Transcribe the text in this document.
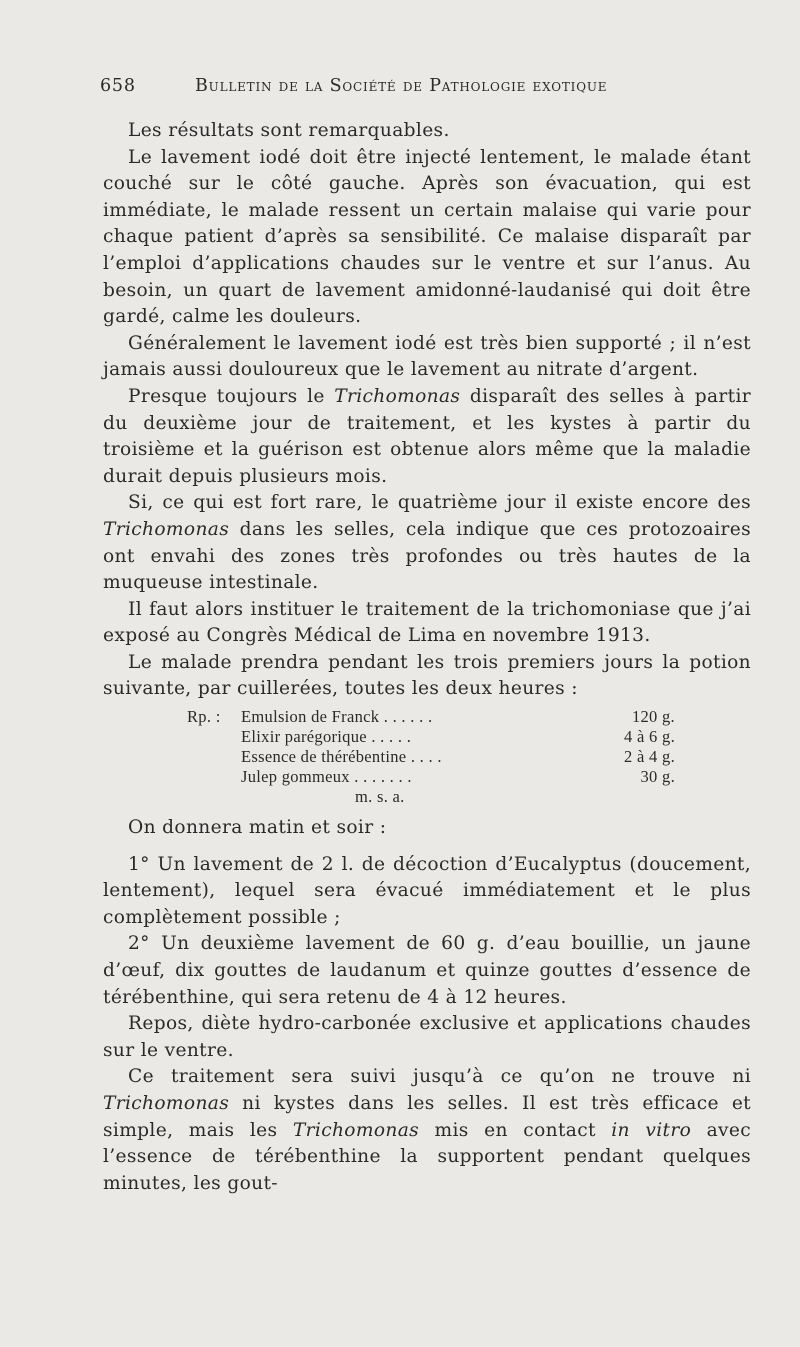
658	Bulletin de la Société de Pathologie exotique

Les résultats sont remarquables.

Le lavement iodé doit être injecté lentement, le malade étant couché sur le côté gauche. Après son évacuation, qui est immédiate, le malade ressent un certain malaise qui varie pour chaque patient d’après sa sensibilité. Ce malaise disparaît par l’emploi d’applications chaudes sur le ventre et sur l’anus. Au besoin, un quart de lavement amidonné-laudanisé qui doit être gardé, calme les douleurs.

Généralement le lavement iodé est très bien supporté ; il n’est jamais aussi douloureux que le lavement au nitrate d’argent.

Presque toujours le Trichomonas disparaît des selles à partir du deuxième jour de traitement, et les kystes à partir du troisième et la guérison est obtenue alors même que la maladie durait depuis plusieurs mois.

Si, ce qui est fort rare, le quatrième jour il existe encore des Trichomonas dans les selles, cela indique que ces protozoaires ont envahi des zones très profondes ou très hautes de la muqueuse intestinale.

Il faut alors instituer le traitement de la trichomoniase que j’ai exposé au Congrès Médical de Lima en novembre 1913.

Le malade prendra pendant les trois premiers jours la potion suivante, par cuillerées, toutes les deux heures :

Rp. : Emulsion de Franck . . . . . .	120 g.
Elixir parégorique . . . . .	4 à 6 g.
Essence de thérébentine . . . .	2 à 4 g.
Julep gommeux . . . . . . .	30 g.
m. s. a.

On donnera matin et soir :

1° Un lavement de 2 l. de décoction d’Eucalyptus (doucement, lentement), lequel sera évacué immédiatement et le plus complètement possible ;

2° Un deuxième lavement de 60 g. d’eau bouillie, un jaune d’œuf, dix gouttes de laudanum et quinze gouttes d’essence de térébenthine, qui sera retenu de 4 à 12 heures.

Repos, diète hydro-carbonée exclusive et applications chaudes sur le ventre.

Ce traitement sera suivi jusqu’à ce qu’on ne trouve ni Trichomonas ni kystes dans les selles. Il est très efficace et simple, mais les Trichomonas mis en contact in vitro avec l’essence de térébenthine la supportent pendant quelques minutes, les gout-
